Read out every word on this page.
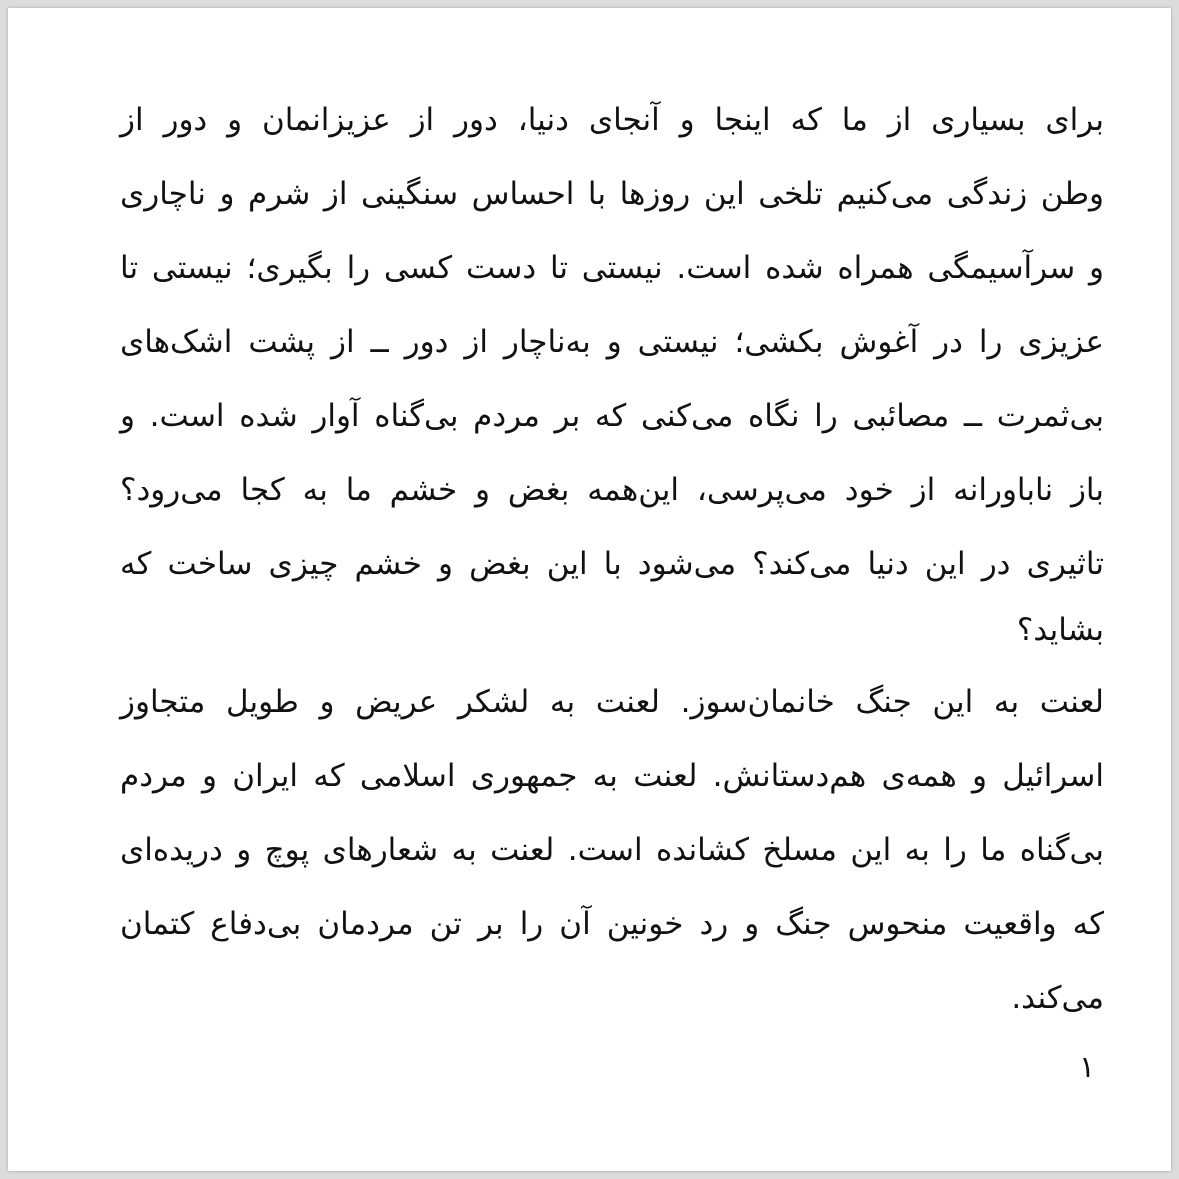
برای بسیاری از ما که اینجا و آنجای دنیا، دور از عزیزانمان و دور از
وطن زندگی می‌کنیم تلخی این روزها با احساس سنگینی از شرم و ناچاری
و سرآسیمگی همراه شده است. نیستی تا دست کسی را بگیری؛ نیستی تا
عزیزی را در آغوش بکشی؛ نیستی و به‌ناچار از دور ــ از پشت اشک‌های
بی‌ثمرت ــ مصائبی را نگاه می‌کنی که بر مردم بی‌گناه آوار شده است. و
باز ناباورانه از خود می‌پرسی، این‌همه بغض و خشم ما به کجا می‌رود؟
تاثیری در این دنیا می‌کند؟ می‌شود با این بغض و خشم چیزی ساخت که
بشاید؟
لعنت به این جنگ خانمان‌سوز. لعنت به لشکر عریض و طویل متجاوز
اسرائیل و همه‌ی هم‌دستانش. لعنت به جمهوری اسلامی که ایران و مردم
بی‌گناه ما را به این مسلخ کشانده است. لعنت به شعارهای پوچ و دریده‌ای
که واقعیت منحوس جنگ و رد خونین آن را بر تن مردمان بی‌دفاع کتمان
می‌کند.
۱
